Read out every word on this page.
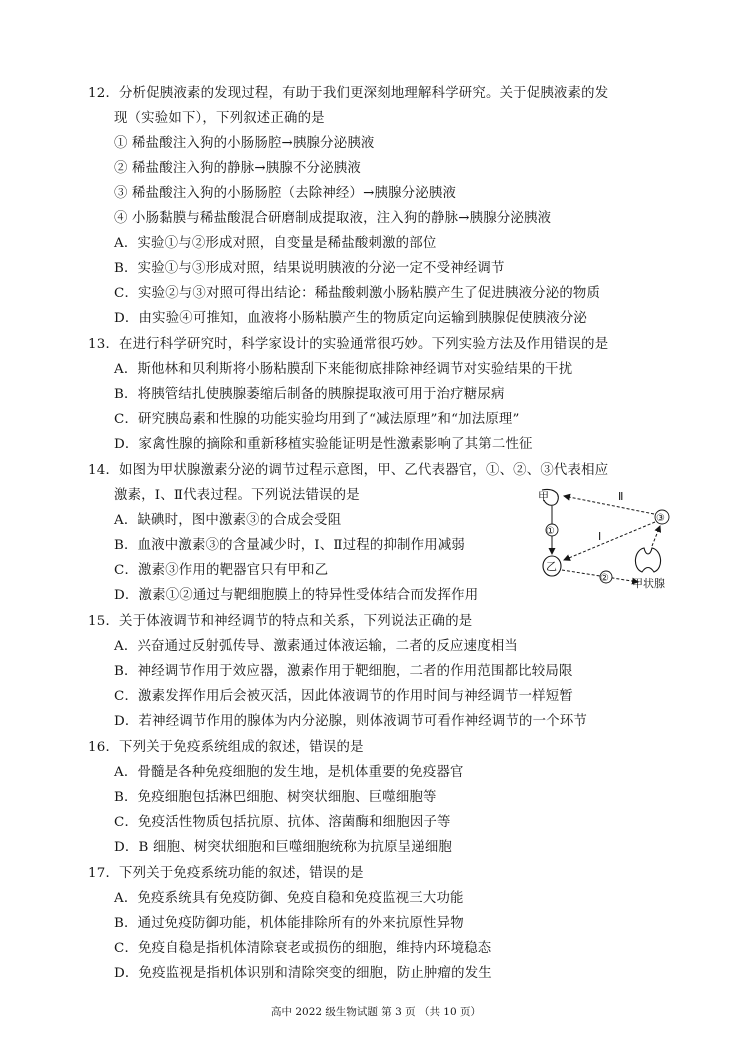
12．分析促胰液素的发现过程，有助于我们更深刻地理解科学研究。关于促胰液素的发
现（实验如下），下列叙述正确的是
① 稀盐酸注入狗的小肠肠腔→胰腺分泌胰液
② 稀盐酸注入狗的静脉→胰腺不分泌胰液
③ 稀盐酸注入狗的小肠肠腔（去除神经）→胰腺分泌胰液
④ 小肠黏膜与稀盐酸混合研磨制成提取液，注入狗的静脉→胰腺分泌胰液
A．实验①与②形成对照，自变量是稀盐酸刺激的部位
B．实验①与③形成对照，结果说明胰液的分泌一定不受神经调节
C．实验②与③对照可得出结论：稀盐酸刺激小肠粘膜产生了促进胰液分泌的物质
D．由实验④可推知，血液将小肠粘膜产生的物质定向运输到胰腺促使胰液分泌
13．在进行科学研究时，科学家设计的实验通常很巧妙。下列实验方法及作用错误的是
A．斯他林和贝利斯将小肠粘膜刮下来能彻底排除神经调节对实验结果的干扰
B．将胰管结扎使胰腺萎缩后制备的胰腺提取液可用于治疗糖尿病
C．研究胰岛素和性腺的功能实验均用到了“减法原理”和“加法原理”
D．家禽性腺的摘除和重新移植实验能证明是性激素影响了其第二性征
14．如图为甲状腺激素分泌的调节过程示意图，甲、乙代表器官，①、②、③代表相应
激素，Ⅰ、Ⅱ代表过程。下列说法错误的是
A．缺碘时，图中激素③的合成会受阻
B．血液中激素③的含量减少时，Ⅰ、Ⅱ过程的抑制作用减弱
C．激素③作用的靶器官只有甲和乙
D．激素①②通过与靶细胞膜上的特异性受体结合而发挥作用
甲
乙
①
② 甲状腺
③
Ⅱ
Ⅰ
15．关于体液调节和神经调节的特点和关系，下列说法正确的是
A．兴奋通过反射弧传导、激素通过体液运输，二者的反应速度相当
B．神经调节作用于效应器，激素作用于靶细胞，二者的作用范围都比较局限
C．激素发挥作用后会被灭活，因此体液调节的作用时间与神经调节一样短暂
D．若神经调节作用的腺体为内分泌腺，则体液调节可看作神经调节的一个环节
16．下列关于免疫系统组成的叙述，错误的是
A．骨髓是各种免疫细胞的发生地，是机体重要的免疫器官
B．免疫细胞包括淋巴细胞、树突状细胞、巨噬细胞等
C．免疫活性物质包括抗原、抗体、溶菌酶和细胞因子等
D．B 细胞、树突状细胞和巨噬细胞统称为抗原呈递细胞
17．下列关于免疫系统功能的叙述，错误的是
A．免疫系统具有免疫防御、免疫自稳和免疫监视三大功能
B．通过免疫防御功能，机体能排除所有的外来抗原性异物
C．免疫自稳是指机体清除衰老或损伤的细胞，维持内环境稳态
D．免疫监视是指机体识别和清除突变的细胞，防止肿瘤的发生
高中 2022 级生物试题 第 3 页 （共 10 页）
